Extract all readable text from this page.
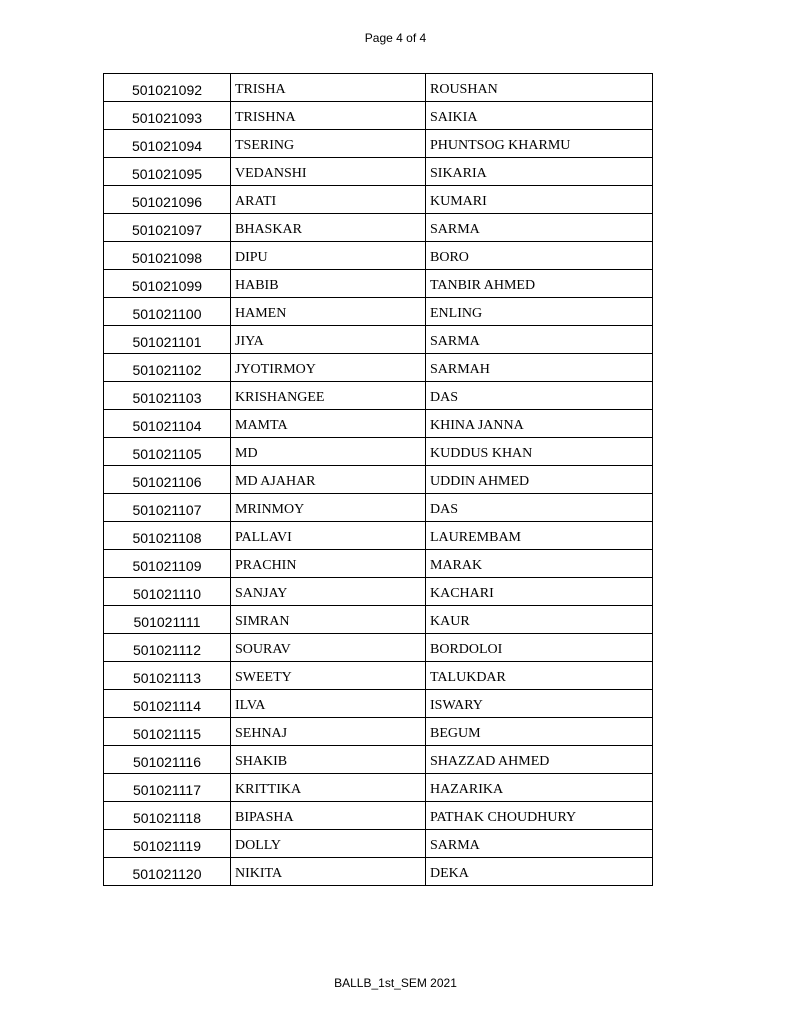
Page 4 of 4
501021092	TRISHA	ROUSHAN
501021093	TRISHNA	SAIKIA
501021094	TSERING	PHUNTSOG KHARMU
501021095	VEDANSHI	SIKARIA
501021096	ARATI	KUMARI
501021097	BHASKAR	SARMA
501021098	DIPU	BORO
501021099	HABIB	TANBIR AHMED
501021100	HAMEN	ENLING
501021101	JIYA	SARMA
501021102	JYOTIRMOY	SARMAH
501021103	KRISHANGEE	DAS
501021104	MAMTA	KHINA JANNA
501021105	MD	KUDDUS KHAN
501021106	MD AJAHAR	UDDIN AHMED
501021107	MRINMOY	DAS
501021108	PALLAVI	LAUREMBAM
501021109	PRACHIN	MARAK
501021110	SANJAY	KACHARI
501021111	SIMRAN	KAUR
501021112	SOURAV	BORDOLOI
501021113	SWEETY	TALUKDAR
501021114	ILVA	ISWARY
501021115	SEHNAJ	BEGUM
501021116	SHAKIB	SHAZZAD AHMED
501021117	KRITTIKA	HAZARIKA
501021118	BIPASHA	PATHAK CHOUDHURY
501021119	DOLLY	SARMA
501021120	NIKITA	DEKA
BALLB_1st_SEM 2021
